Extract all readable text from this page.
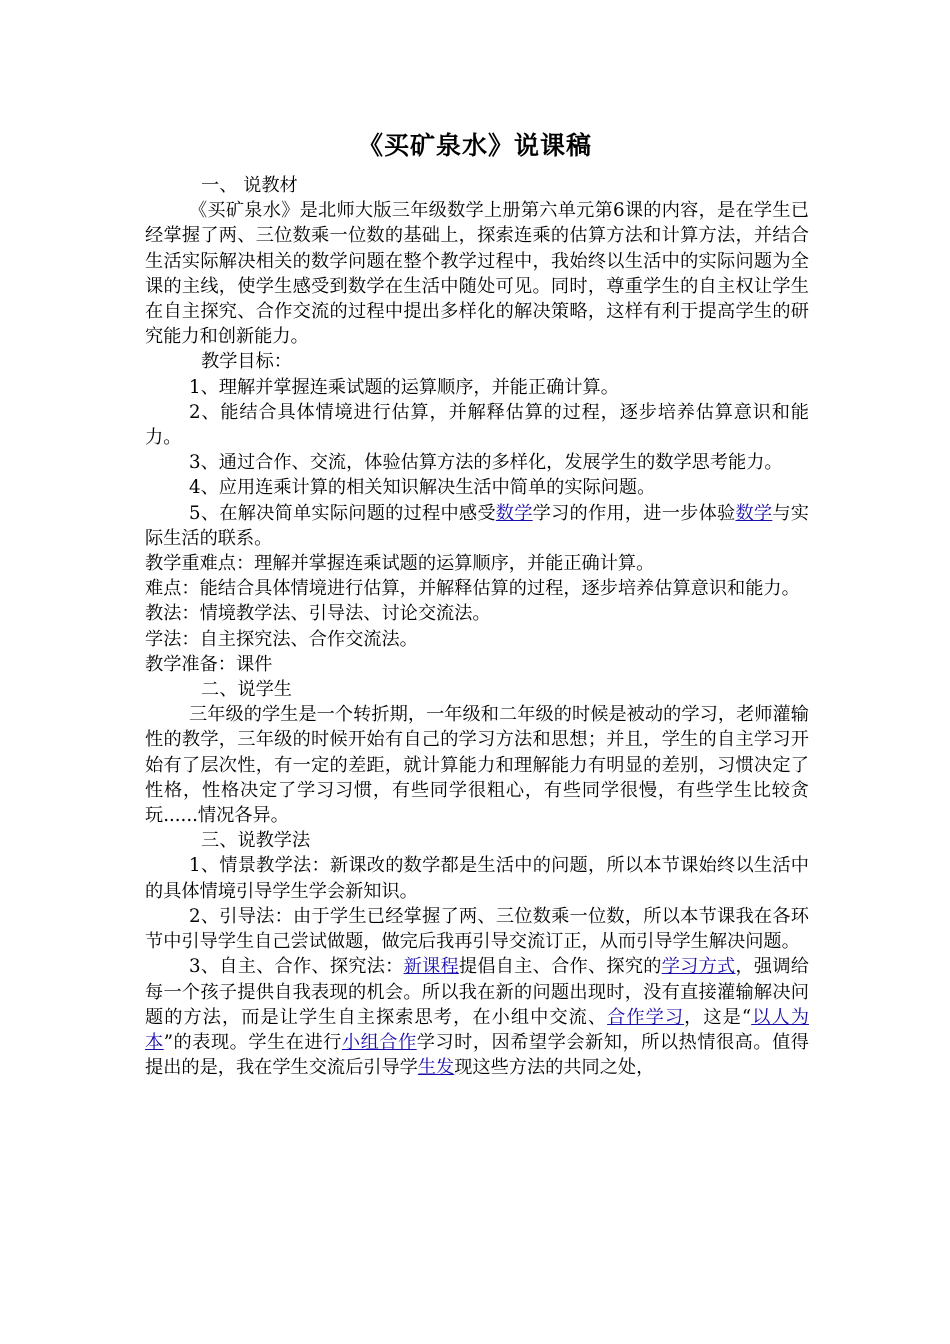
《买矿泉水》说课稿

一、 说教材

《买矿泉水》是北师大版三年级数学上册第六单元第6课的内容，是在学生已经掌握了两、三位数乘一位数的基础上，探索连乘的估算方法和计算方法，并结合生活实际解决相关的数学问题在整个教学过程中，我始终以生活中的实际问题为全课的主线，使学生感受到数学在生活中随处可见。同时，尊重学生的自主权让学生在自主探究、合作交流的过程中提出多样化的解决策略，这样有利于提高学生的研究能力和创新能力。

教学目标：

1、理解并掌握连乘试题的运算顺序，并能正确计算。

2、能结合具体情境进行估算，并解释估算的过程，逐步培养估算意识和能力。

3、通过合作、交流，体验估算方法的多样化，发展学生的数学思考能力。

4、应用连乘计算的相关知识解决生活中简单的实际问题。

5、在解决简单实际问题的过程中感受数学学习的作用，进一步体验数学与实际生活的联系。

教学重难点：理解并掌握连乘试题的运算顺序，并能正确计算。

难点：能结合具体情境进行估算，并解释估算的过程，逐步培养估算意识和能力。

教法：情境教学法、引导法、讨论交流法。

学法：自主探究法、合作交流法。

教学准备：课件

二、说学生

三年级的学生是一个转折期，一年级和二年级的时候是被动的学习，老师灌输性的教学，三年级的时候开始有自己的学习方法和思想；并且，学生的自主学习开始有了层次性，有一定的差距，就计算能力和理解能力有明显的差别，习惯决定了性格，性格决定了学习习惯，有些同学很粗心，有些同学很慢，有些学生比较贪玩......情况各异。

三、说教学法

1、情景教学法：新课改的数学都是生活中的问题，所以本节课始终以生活中的具体情境引导学生学会新知识。

2、引导法：由于学生已经掌握了两、三位数乘一位数，所以本节课我在各环节中引导学生自己尝试做题，做完后我再引导交流订正，从而引导学生解决问题。

3、自主、合作、探究法：新课程提倡自主、合作、探究的学习方式，强调给每一个孩子提供自我表现的机会。所以我在新的问题出现时，没有直接灌输解决问题的方法，而是让学生自主探索思考，在小组中交流、合作学习，这是“以人为本”的表现。学生在进行小组合作学习时，因希望学会新知，所以热情很高。值得提出的是，我在学生交流后引导学生发现这些方法的共同之处，
